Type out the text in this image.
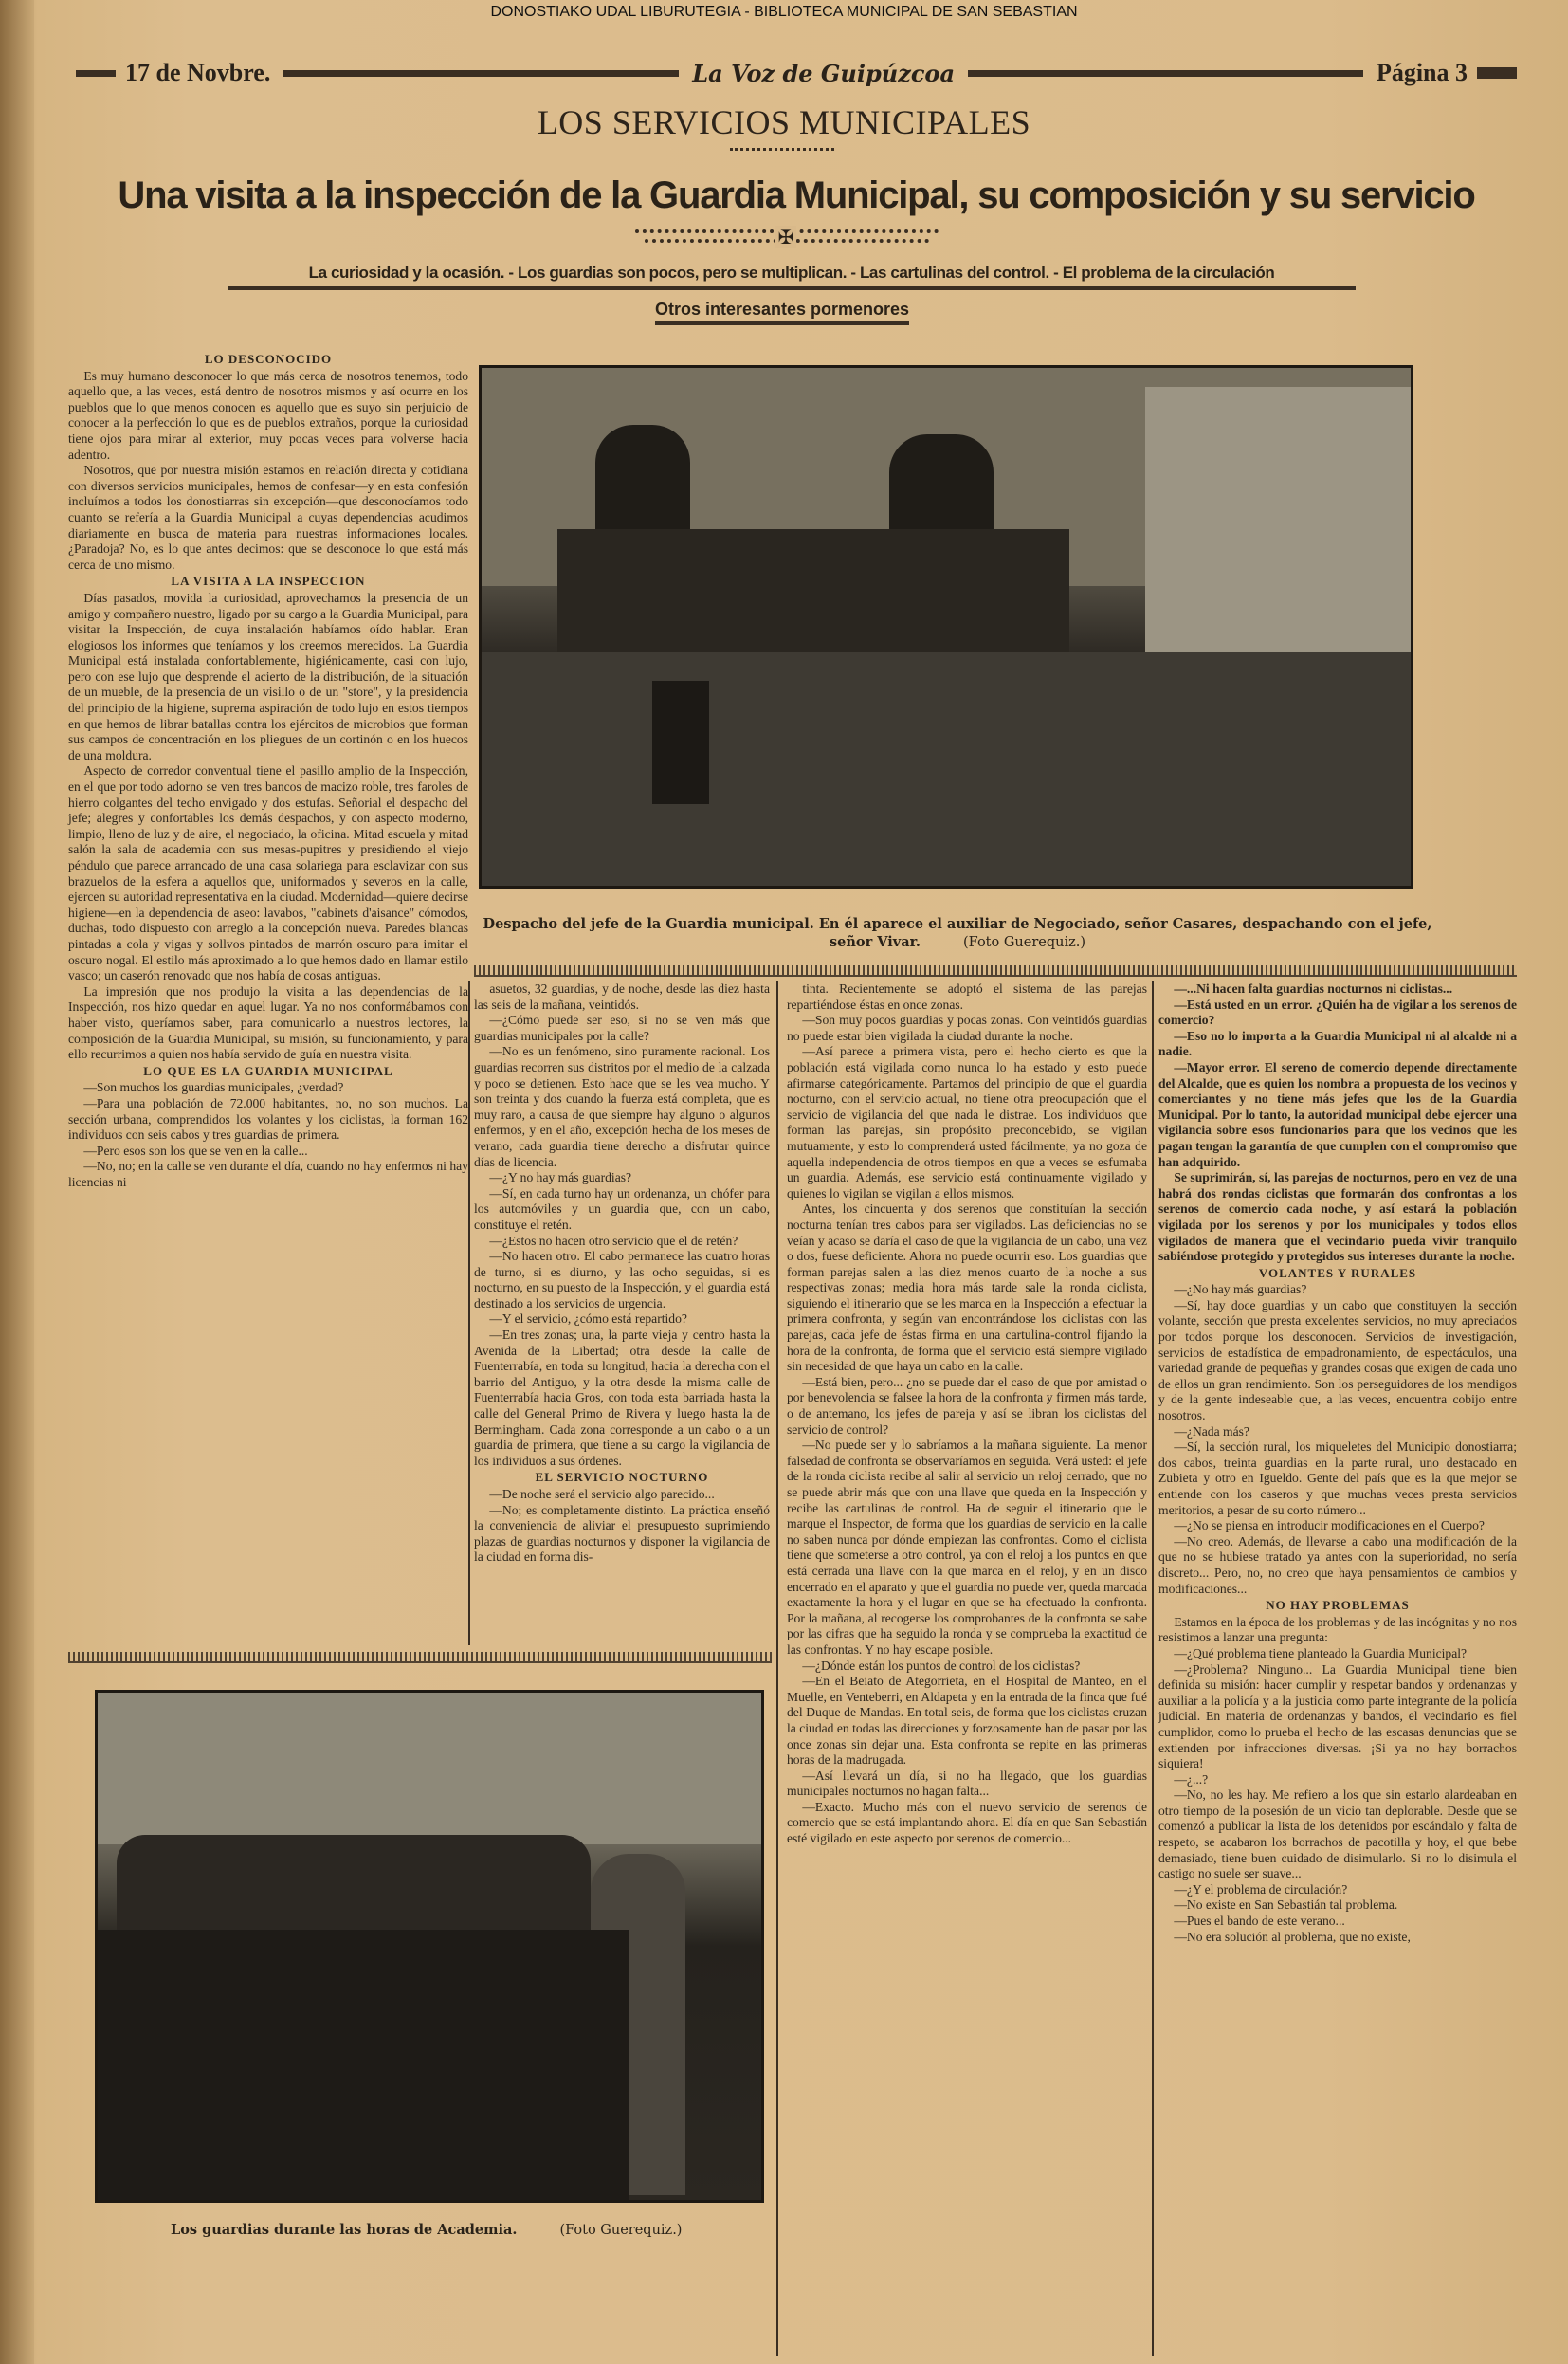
DONOSTIAKO UDAL LIBURUTEGIA - BIBLIOTECA MUNICIPAL DE SAN SEBASTIAN
17 de Novbre.	La Voz de Guipúzcoa	Página 3
LOS SERVICIOS MUNICIPALES
Una visita a la inspección de la Guardia Municipal, su composición y su servicio
✠
La curiosidad y la ocasión. - Los guardias son pocos, pero se multiplican. - Las cartulinas del control. - El problema de la circulación
Otros interesantes pormenores
LO DESCONOCIDO

Es muy humano desconocer lo que más cerca de nosotros tenemos, todo aquello que, a las veces, está dentro de nosotros mismos y así ocurre en los pueblos que lo que menos conocen es aquello que es suyo sin perjuicio de conocer a la perfección lo que es de pueblos extraños, porque la curiosidad tiene ojos para mirar al exterior, muy pocas veces para volverse hacia adentro.

Nosotros, que por nuestra misión estamos en relación directa y cotidiana con diversos servicios municipales, hemos de confesar—y en esta confesión incluímos a todos los donostiarras sin excepción—que desconocíamos todo cuanto se refería a la Guardia Municipal a cuyas dependencias acudimos diariamente en busca de materia para nuestras informaciones locales. ¿Paradoja? No, es lo que antes decimos: que se desconoce lo que está más cerca de uno mismo.

LA VISITA A LA INSPECCION

Días pasados, movida la curiosidad, aprovechamos la presencia de un amigo y compañero nuestro, ligado por su cargo a la Guardia Municipal, para visitar la Inspección, de cuya instalación habíamos oído hablar. Eran elogiosos los informes que teníamos y los creemos merecidos. La Guardia Municipal está instalada confortablemente, higiénicamente, casi con lujo, pero con ese lujo que desprende el acierto de la distribución, de la situación de un mueble, de la presencia de un visillo o de un "store", y la presidencia del principio de la higiene, suprema aspiración de todo lujo en estos tiempos en que hemos de librar batallas contra los ejércitos de microbios que forman sus campos de concentración en los pliegues de un cortinón o en los huecos de una moldura.

Aspecto de corredor conventual tiene el pasillo amplio de la Inspección, en el que por todo adorno se ven tres bancos de macizo roble, tres faroles de hierro colgantes del techo envigado y dos estufas. Señorial el despacho del jefe; alegres y confortables los demás despachos, y con aspecto moderno, limpio, lleno de luz y de aire, el negociado, la oficina. Mitad escuela y mitad salón la sala de academia con sus mesas-pupitres y presidiendo el viejo péndulo que parece arrancado de una casa solariega para esclavizar con sus brazuelos de la esfera a aquellos que, uniformados y severos en la calle, ejercen su autoridad representativa en la ciudad. Modernidad—quiere decirse higiene—en la dependencia de aseo: lavabos, "cabinets d'aisance" cómodos, duchas, todo dispuesto con arreglo a la concepción nueva. Paredes blancas pintadas a cola y vigas y sollvos pintados de marrón oscuro para imitar el oscuro nogal. El estilo más aproximado a lo que hemos dado en llamar estilo vasco; un caserón renovado que nos había de cosas antiguas.

La impresión que nos produjo la visita a las dependencias de la Inspección, nos hizo quedar en aquel lugar. Ya no nos conformábamos con haber visto, queríamos saber, para comunicarlo a nuestros lectores, la composición de la Guardia Municipal, su misión, su funcionamiento, y para ello recurrimos a quien nos había servido de guía en nuestra visita.

LO QUE ES LA GUARDIA MUNICIPAL

—Son muchos los guardias municipales, ¿verdad?

—Para una población de 72.000 habitantes, no, no son muchos. La sección urbana, comprendidos los volantes y los ciclistas, la forman 162 individuos con seis cabos y tres guardias de primera.

—Pero esos son los que se ven en la calle...

—No, no; en la calle se ven durante el día, cuando no hay enfermos ni hay licencias ni

Despacho del jefe de la Guardia municipal. En él aparece el auxiliar de Negociado, señor Casares, despachando con el jefe, señor Vivar.	(Foto Guerequiz.)

asuetos, 32 guardias, y de noche, desde las diez hasta las seis de la mañana, veintidós.

—¿Cómo puede ser eso, si no se ven más que guardias municipales por la calle?

—No es un fenómeno, sino puramente racional. Los guardias recorren sus distritos por el medio de la calzada y poco se detienen. Esto hace que se les vea mucho. Y son treinta y dos cuando la fuerza está completa, que es muy raro, a causa de que siempre hay alguno o algunos enfermos, y en el año, excepción hecha de los meses de verano, cada guardia tiene derecho a disfrutar quince días de licencia.

—¿Y no hay más guardias?

—Sí, en cada turno hay un ordenanza, un chófer para los automóviles y un guardia que, con un cabo, constituye el retén.

—¿Estos no hacen otro servicio que el de retén?

—No hacen otro. El cabo permanece las cuatro horas de turno, si es diurno, y las ocho seguidas, si es nocturno, en su puesto de la Inspección, y el guardia está destinado a los servicios de urgencia.

—Y el servicio, ¿cómo está repartido?

—En tres zonas; una, la parte vieja y centro hasta la Avenida de la Libertad; otra desde la calle de Fuenterrabía, en toda su longitud, hacia la derecha con el barrio del Antiguo, y la otra desde la misma calle de Fuenterrabía hacia Gros, con toda esta barriada hasta la calle del General Primo de Rivera y luego hasta la de Bermingham. Cada zona corresponde a un cabo o a un guardia de primera, que tiene a su cargo la vigilancia de los individuos a sus órdenes.

EL SERVICIO NOCTURNO

—De noche será el servicio algo parecido...

—No; es completamente distinto. La práctica enseñó la conveniencia de aliviar el presupuesto suprimiendo plazas de guardias nocturnos y disponer la vigilancia de la ciudad en forma dis-

Los guardias durante las horas de Academia.	(Foto Guerequiz.)

tinta. Recientemente se adoptó el sistema de las parejas repartiéndose éstas en once zonas.

—Son muy pocos guardias y pocas zonas. Con veintidós guardias no puede estar bien vigilada la ciudad durante la noche.

—Así parece a primera vista, pero el hecho cierto es que la población está vigilada como nunca lo ha estado y esto puede afirmarse categóricamente. Partamos del principio de que el guardia nocturno, con el servicio actual, no tiene otra preocupación que el servicio de vigilancia del que nada le distrae. Los individuos que forman las parejas, sin propósito preconcebido, se vigilan mutuamente, y esto lo comprenderá usted fácilmente; ya no goza de aquella independencia de otros tiempos en que a veces se esfumaba un guardia. Además, ese servicio está continuamente vigilado y quienes lo vigilan se vigilan a ellos mismos.

Antes, los cincuenta y dos serenos que constituían la sección nocturna tenían tres cabos para ser vigilados. Las deficiencias no se veían y acaso se daría el caso de que la vigilancia de un cabo, una vez o dos, fuese deficiente. Ahora no puede ocurrir eso. Los guardias que forman parejas salen a las diez menos cuarto de la noche a sus respectivas zonas; media hora más tarde sale la ronda ciclista, siguiendo el itinerario que se les marca en la Inspección a efectuar la primera confronta, y según van encontrándose los ciclistas con las parejas, cada jefe de éstas firma en una cartulina-control fijando la hora de la confronta, de forma que el servicio está siempre vigilado sin necesidad de que haya un cabo en la calle.

—Está bien, pero... ¿no se puede dar el caso de que por amistad o por benevolencia se falsee la hora de la confronta y firmen más tarde, o de antemano, los jefes de pareja y así se libran los ciclistas del servicio de control?

—No puede ser y lo sabríamos a la mañana siguiente. La menor falsedad de confronta se observaríamos en seguida. Verá usted: el jefe de la ronda ciclista recibe al salir al servicio un reloj cerrado, que no se puede abrir más que con una llave que queda en la Inspección y recibe las cartulinas de control. Ha de seguir el itinerario que le marque el Inspector, de forma que los guardias de servicio en la calle no saben nunca por dónde empiezan las confrontas. Como el ciclista tiene que someterse a otro control, ya con el reloj a los puntos en que está cerrada una llave con la que marca en el reloj, y en un disco encerrado en el aparato y que el guardia no puede ver, queda marcada exactamente la hora y el lugar en que se ha efectuado la confronta. Por la mañana, al recogerse los comprobantes de la confronta se sabe por las cifras que ha seguido la ronda y se comprueba la exactitud de las confrontas. Y no hay escape posible.

—¿Dónde están los puntos de control de los ciclistas?

—En el Beiato de Ategorrieta, en el Hospital de Manteo, en el Muelle, en Venteberri, en Aldapeta y en la entrada de la finca que fué del Duque de Mandas. En total seis, de forma que los ciclistas cruzan la ciudad en todas las direcciones y forzosamente han de pasar por las once zonas sin dejar una. Esta confronta se repite en las primeras horas de la madrugada.

—Así llevará un día, si no ha llegado, que los guardias municipales nocturnos no hagan falta...

—Exacto. Mucho más con el nuevo servicio de serenos de comercio que se está implantando ahora. El día en que San Sebastián esté vigilado en este aspecto por serenos de comercio...

—...Ni hacen falta guardias nocturnos ni ciclistas...

—Está usted en un error. ¿Quién ha de vigilar a los serenos de comercio?

—Eso no lo importa a la Guardia Municipal ni al alcalde ni a nadie.

—Mayor error. El sereno de comercio depende directamente del Alcalde, que es quien los nombra a propuesta de los vecinos y comerciantes y no tiene más jefes que los de la Guardia Municipal. Por lo tanto, la autoridad municipal debe ejercer una vigilancia sobre esos funcionarios para que los vecinos que les pagan tengan la garantía de que cumplen con el compromiso que han adquirido.

Se suprimirán, sí, las parejas de nocturnos, pero en vez de una habrá dos rondas ciclistas que formarán dos confrontas a los serenos de comercio cada noche, y así estará la población vigilada por los serenos y por los municipales y todos ellos vigilados de manera que el vecindario pueda vivir tranquilo sabiéndose protegido y protegidos sus intereses durante la noche.

VOLANTES Y RURALES

—¿No hay más guardias?

—Sí, hay doce guardias y un cabo que constituyen la sección volante, sección que presta excelentes servicios, no muy apreciados por todos porque los desconocen. Servicios de investigación, servicios de estadística de empadronamiento, de espectáculos, una variedad grande de pequeñas y grandes cosas que exigen de cada uno de ellos un gran rendimiento. Son los perseguidores de los mendigos y de la gente indeseable que, a las veces, encuentra cobijo entre nosotros.

—¿Nada más?

—Sí, la sección rural, los miqueletes del Municipio donostiarra; dos cabos, treinta guardias en la parte rural, uno destacado en Zubieta y otro en Igueldo. Gente del país que es la que mejor se entiende con los caseros y que muchas veces presta servicios meritorios, a pesar de su corto número...

—¿No se piensa en introducir modificaciones en el Cuerpo?

—No creo. Además, de llevarse a cabo una modificación de la que no se hubiese tratado ya antes con la superioridad, no sería discreto... Pero, no, no creo que haya pensamientos de cambios y modificaciones...

NO HAY PROBLEMAS

Estamos en la época de los problemas y de las incógnitas y no nos resistimos a lanzar una pregunta:

—¿Qué problema tiene planteado la Guardia Municipal?

—¿Problema? Ninguno... La Guardia Municipal tiene bien definida su misión: hacer cumplir y respetar bandos y ordenanzas y auxiliar a la policía y a la justicia como parte integrante de la policía judicial. En materia de ordenanzas y bandos, el vecindario es fiel cumplidor, como lo prueba el hecho de las escasas denuncias que se extienden por infracciones diversas. ¡Si ya no hay borrachos siquiera!

—¿...?

—No, no les hay. Me refiero a los que sin estarlo alardeaban en otro tiempo de la posesión de un vicio tan deplorable. Desde que se comenzó a publicar la lista de los detenidos por escándalo y falta de respeto, se acabaron los borrachos de pacotilla y hoy, el que bebe demasiado, tiene buen cuidado de disimularlo. Si no lo disimula el castigo no suele ser suave...

—¿Y el problema de circulación?

—No existe en San Sebastián tal problema.

—Pues el bando de este verano...

—No era solución al problema, que no existe,
